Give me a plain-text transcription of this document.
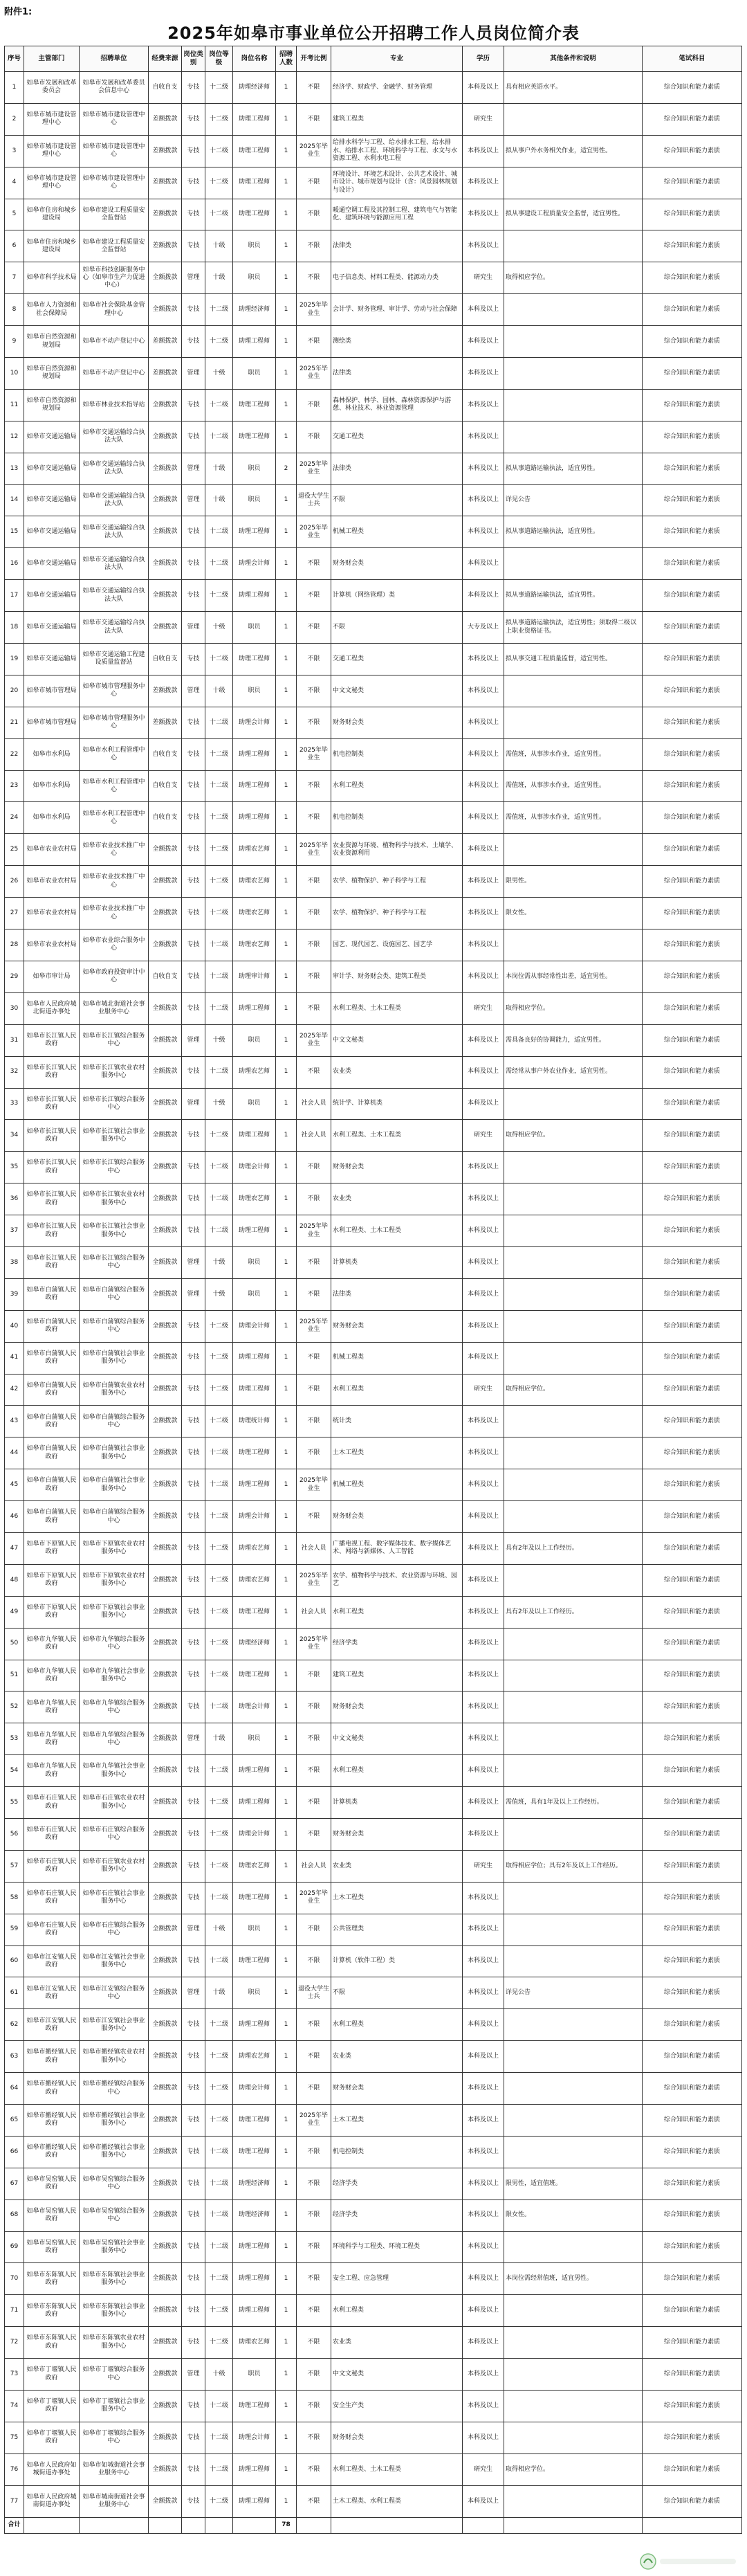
附件1:
2025年如皋市事业单位公开招聘工作人员岗位简介表
序号	主管部门	招聘单位	经费来源	岗位类别	岗位等级	岗位名称	招聘人数	开考比例	专业	学历	其他条件和说明	笔试科目
1	如皋市发展和改革委员会	如皋市发展和改革委员会信息中心	自收自支	专技	十二级	助理经济师	1	不限	经济学、财政学、金融学、财务管理	本科及以上	具有相应英语水平。	综合知识和能力素质
2	如皋市城市建设管理中心	如皋市城市建设管理中心	差额拨款	专技	十二级	助理工程师	1	不限	建筑工程类	研究生		综合知识和能力素质
3	如皋市城市建设管理中心	如皋市城市建设管理中心	差额拨款	专技	十二级	助理工程师	1	2025年毕业生	给排水科学与工程、给水排水工程、给水排水、给排水工程、环境科学与工程、水文与水资源工程、水利水电工程	本科及以上	拟从事户外水务相关作业，适宜男性。	综合知识和能力素质
4	如皋市城市建设管理中心	如皋市城市建设管理中心	差额拨款	专技	十二级	助理工程师	1	不限	环境设计、环境艺术设计、公共艺术设计、城市设计、城市规划与设计（含：风景园林规划与设计）	本科及以上		综合知识和能力素质
5	如皋市住房和城乡建设局	如皋市建设工程质量安全监督站	差额拨款	专技	十二级	助理工程师	1	不限	暖通空调工程及其控制工程、建筑电气与智能化、建筑环境与能源应用工程	本科及以上	拟从事建设工程质量安全监督，适宜男性。	综合知识和能力素质
6	如皋市住房和城乡建设局	如皋市建设工程质量安全监督站	差额拨款	专技	十级	职员	1	不限	法律类	本科及以上		综合知识和能力素质
7	如皋市科学技术局	如皋市科技创新服务中心（如皋市生产力促进中心）	全额拨款	管理	十级	职员	1	不限	电子信息类、材料工程类、能源动力类	研究生	取得相应学位。	综合知识和能力素质
8	如皋市人力资源和社会保障局	如皋市社会保险基金管理中心	全额拨款	专技	十二级	助理经济师	1	2025年毕业生	会计学、财务管理、审计学、劳动与社会保障	本科及以上		综合知识和能力素质
9	如皋市自然资源和规划局	如皋市不动产登记中心	差额拨款	专技	十二级	助理工程师	1	不限	测绘类	本科及以上		综合知识和能力素质
10	如皋市自然资源和规划局	如皋市不动产登记中心	差额拨款	管理	十级	职员	1	2025年毕业生	法律类	本科及以上		综合知识和能力素质
11	如皋市自然资源和规划局	如皋市林业技术指导站	全额拨款	专技	十二级	助理工程师	1	不限	森林保护、林学、园林、森林资源保护与游憩、林业技术、林业资源管理	本科及以上		综合知识和能力素质
12	如皋市交通运输局	如皋市交通运输综合执法大队	全额拨款	专技	十二级	助理工程师	1	不限	交通工程类	本科及以上		综合知识和能力素质
13	如皋市交通运输局	如皋市交通运输综合执法大队	全额拨款	管理	十级	职员	2	2025年毕业生	法律类	本科及以上	拟从事道路运输执法，适宜男性。	综合知识和能力素质
14	如皋市交通运输局	如皋市交通运输综合执法大队	全额拨款	管理	十级	职员	1	退役大学生士兵	不限	本科及以上	详见公告	综合知识和能力素质
15	如皋市交通运输局	如皋市交通运输综合执法大队	全额拨款	专技	十二级	助理工程师	1	2025年毕业生	机械工程类	本科及以上	拟从事道路运输执法，适宜男性。	综合知识和能力素质
16	如皋市交通运输局	如皋市交通运输综合执法大队	全额拨款	专技	十二级	助理会计师	1	不限	财务财会类	本科及以上		综合知识和能力素质
17	如皋市交通运输局	如皋市交通运输综合执法大队	全额拨款	专技	十二级	助理工程师	1	不限	计算机（网络管理）类	本科及以上	拟从事道路运输执法，适宜男性。	综合知识和能力素质
18	如皋市交通运输局	如皋市交通运输综合执法大队	全额拨款	管理	十级	职员	1	不限	不限	大专及以上	拟从事道路运输执法，适宜男性；须取得二级以上职业资格证书。	综合知识和能力素质
19	如皋市交通运输局	如皋市交通运输工程建设质量监督站	自收自支	专技	十二级	助理工程师	1	不限	交通工程类	本科及以上	拟从事交通工程质量监督，适宜男性。	综合知识和能力素质
20	如皋市城市管理局	如皋市城市管理服务中心	差额拨款	管理	十级	职员	1	不限	中文文秘类	本科及以上		综合知识和能力素质
21	如皋市城市管理局	如皋市城市管理服务中心	差额拨款	专技	十二级	助理会计师	1	不限	财务财会类	本科及以上		综合知识和能力素质
22	如皋市水利局	如皋市水利工程管理中心	自收自支	专技	十二级	助理工程师	1	2025年毕业生	机电控制类	本科及以上	需值班，从事涉水作业，适宜男性。	综合知识和能力素质
23	如皋市水利局	如皋市水利工程管理中心	自收自支	专技	十二级	助理工程师	1	不限	水利工程类	本科及以上	需值班，从事涉水作业，适宜男性。	综合知识和能力素质
24	如皋市水利局	如皋市水利工程管理中心	自收自支	专技	十二级	助理工程师	1	不限	机电控制类	本科及以上	需值班，从事涉水作业，适宜男性。	综合知识和能力素质
25	如皋市农业农村局	如皋市农业技术推广中心	全额拨款	专技	十二级	助理农艺师	1	2025年毕业生	农业资源与环境、植物科学与技术、土壤学、农业资源利用	本科及以上		综合知识和能力素质
26	如皋市农业农村局	如皋市农业技术推广中心	全额拨款	专技	十二级	助理农艺师	1	不限	农学、植物保护、种子科学与工程	本科及以上	限男性。	综合知识和能力素质
27	如皋市农业农村局	如皋市农业技术推广中心	全额拨款	专技	十二级	助理农艺师	1	不限	农学、植物保护、种子科学与工程	本科及以上	限女性。	综合知识和能力素质
28	如皋市农业农村局	如皋市农业综合服务中心	全额拨款	专技	十二级	助理农艺师	1	不限	园艺、现代园艺、设施园艺、园艺学	本科及以上		综合知识和能力素质
29	如皋市审计局	如皋市政府投资审计中心	自收自支	专技	十二级	助理审计师	1	不限	审计学、财务财会类、建筑工程类	本科及以上	本岗位需从事经常性出差，适宜男性。	综合知识和能力素质
30	如皋市人民政府城北街道办事处	如皋市城北街道社会事业服务中心	全额拨款	专技	十二级	助理工程师	1	不限	水利工程类、土木工程类	研究生	取得相应学位。	综合知识和能力素质
31	如皋市长江镇人民政府	如皋市长江镇综合服务中心	全额拨款	管理	十级	职员	1	2025年毕业生	中文文秘类	本科及以上	需具备良好的协调能力，适宜男性。	综合知识和能力素质
32	如皋市长江镇人民政府	如皋市长江镇农业农村服务中心	全额拨款	专技	十二级	助理农艺师	1	不限	农业类	本科及以上	需经常从事户外农业作业，适宜男性。	综合知识和能力素质
33	如皋市长江镇人民政府	如皋市长江镇综合服务中心	全额拨款	管理	十级	职员	1	社会人员	统计学、计算机类	本科及以上		综合知识和能力素质
34	如皋市长江镇人民政府	如皋市长江镇社会事业服务中心	全额拨款	专技	十二级	助理工程师	1	社会人员	水利工程类、土木工程类	研究生	取得相应学位。	综合知识和能力素质
35	如皋市长江镇人民政府	如皋市长江镇综合服务中心	全额拨款	专技	十二级	助理会计师	1	不限	财务财会类	本科及以上		综合知识和能力素质
36	如皋市长江镇人民政府	如皋市长江镇农业农村服务中心	全额拨款	专技	十二级	助理农艺师	1	不限	农业类	本科及以上		综合知识和能力素质
37	如皋市长江镇人民政府	如皋市长江镇社会事业服务中心	全额拨款	专技	十二级	助理工程师	1	2025年毕业生	水利工程类、土木工程类	本科及以上		综合知识和能力素质
38	如皋市长江镇人民政府	如皋市长江镇综合服务中心	全额拨款	管理	十级	职员	1	不限	计算机类	本科及以上		综合知识和能力素质
39	如皋市白蒲镇人民政府	如皋市白蒲镇综合服务中心	全额拨款	管理	十级	职员	1	不限	法律类	本科及以上		综合知识和能力素质
40	如皋市白蒲镇人民政府	如皋市白蒲镇综合服务中心	全额拨款	专技	十二级	助理会计师	1	2025年毕业生	财务财会类	本科及以上		综合知识和能力素质
41	如皋市白蒲镇人民政府	如皋市白蒲镇社会事业服务中心	全额拨款	专技	十二级	助理工程师	1	不限	机械工程类	本科及以上		综合知识和能力素质
42	如皋市白蒲镇人民政府	如皋市白蒲镇农业农村服务中心	全额拨款	专技	十二级	助理工程师	1	不限	水利工程类	研究生	取得相应学位。	综合知识和能力素质
43	如皋市白蒲镇人民政府	如皋市白蒲镇综合服务中心	全额拨款	专技	十二级	助理统计师	1	不限	统计类	本科及以上		综合知识和能力素质
44	如皋市白蒲镇人民政府	如皋市白蒲镇社会事业服务中心	全额拨款	专技	十二级	助理工程师	1	不限	土木工程类	本科及以上		综合知识和能力素质
45	如皋市白蒲镇人民政府	如皋市白蒲镇社会事业服务中心	全额拨款	专技	十二级	助理工程师	1	2025年毕业生	机械工程类	本科及以上		综合知识和能力素质
46	如皋市白蒲镇人民政府	如皋市白蒲镇综合服务中心	全额拨款	专技	十二级	助理会计师	1	不限	财务财会类	本科及以上		综合知识和能力素质
47	如皋市下原镇人民政府	如皋市下原镇农业农村服务中心	全额拨款	专技	十二级	助理农艺师	1	社会人员	广播电视工程、数字媒体技术、数字媒体艺术、网络与新媒体、人工智能	本科及以上	具有2年及以上工作经历。	综合知识和能力素质
48	如皋市下原镇人民政府	如皋市下原镇农业农村服务中心	全额拨款	专技	十二级	助理农艺师	1	2025年毕业生	农学、植物科学与技术、农业资源与环境、园艺	本科及以上		综合知识和能力素质
49	如皋市下原镇人民政府	如皋市下原镇社会事业服务中心	全额拨款	专技	十二级	助理工程师	1	社会人员	水利工程类	本科及以上	具有2年及以上工作经历。	综合知识和能力素质
50	如皋市九华镇人民政府	如皋市九华镇综合服务中心	全额拨款	专技	十二级	助理经济师	1	2025年毕业生	经济学类	本科及以上		综合知识和能力素质
51	如皋市九华镇人民政府	如皋市九华镇社会事业服务中心	全额拨款	专技	十二级	助理工程师	1	不限	建筑工程类	本科及以上		综合知识和能力素质
52	如皋市九华镇人民政府	如皋市九华镇综合服务中心	全额拨款	专技	十二级	助理会计师	1	不限	财务财会类	本科及以上		综合知识和能力素质
53	如皋市九华镇人民政府	如皋市九华镇综合服务中心	全额拨款	管理	十级	职员	1	不限	中文文秘类	本科及以上		综合知识和能力素质
54	如皋市九华镇人民政府	如皋市九华镇社会事业服务中心	全额拨款	专技	十二级	助理工程师	1	不限	水利工程类	本科及以上		综合知识和能力素质
55	如皋市石庄镇人民政府	如皋市石庄镇农业农村服务中心	全额拨款	专技	十二级	助理工程师	1	不限	计算机类	本科及以上	需值班，具有1年及以上工作经历。	综合知识和能力素质
56	如皋市石庄镇人民政府	如皋市石庄镇综合服务中心	全额拨款	专技	十二级	助理会计师	1	不限	财务财会类	本科及以上		综合知识和能力素质
57	如皋市石庄镇人民政府	如皋市石庄镇农业农村服务中心	全额拨款	专技	十二级	助理农艺师	1	社会人员	农业类	研究生	取得相应学位；具有2年及以上工作经历。	综合知识和能力素质
58	如皋市石庄镇人民政府	如皋市石庄镇社会事业服务中心	全额拨款	专技	十二级	助理工程师	1	2025年毕业生	土木工程类	本科及以上		综合知识和能力素质
59	如皋市石庄镇人民政府	如皋市石庄镇综合服务中心	全额拨款	管理	十级	职员	1	不限	公共管理类	本科及以上		综合知识和能力素质
60	如皋市江安镇人民政府	如皋市江安镇社会事业服务中心	全额拨款	专技	十二级	助理工程师	1	不限	计算机（软件工程）类	本科及以上		综合知识和能力素质
61	如皋市江安镇人民政府	如皋市江安镇综合服务中心	全额拨款	管理	十级	职员	1	退役大学生士兵	不限	本科及以上	详见公告	综合知识和能力素质
62	如皋市江安镇人民政府	如皋市江安镇社会事业服务中心	全额拨款	专技	十二级	助理工程师	1	不限	水利工程类	本科及以上		综合知识和能力素质
63	如皋市搬经镇人民政府	如皋市搬经镇农业农村服务中心	全额拨款	专技	十二级	助理农艺师	1	不限	农业类	本科及以上		综合知识和能力素质
64	如皋市搬经镇人民政府	如皋市搬经镇综合服务中心	全额拨款	专技	十二级	助理会计师	1	不限	财务财会类	本科及以上		综合知识和能力素质
65	如皋市搬经镇人民政府	如皋市搬经镇社会事业服务中心	全额拨款	专技	十二级	助理工程师	1	2025年毕业生	土木工程类	本科及以上		综合知识和能力素质
66	如皋市搬经镇人民政府	如皋市搬经镇社会事业服务中心	全额拨款	专技	十二级	助理工程师	1	不限	机电控制类	本科及以上		综合知识和能力素质
67	如皋市吴窑镇人民政府	如皋市吴窑镇综合服务中心	全额拨款	专技	十二级	助理经济师	1	不限	经济学类	本科及以上	限男性，适宜值班。	综合知识和能力素质
68	如皋市吴窑镇人民政府	如皋市吴窑镇综合服务中心	全额拨款	专技	十二级	助理经济师	1	不限	经济学类	本科及以上	限女性。	综合知识和能力素质
69	如皋市吴窑镇人民政府	如皋市吴窑镇社会事业服务中心	全额拨款	专技	十二级	助理工程师	1	不限	环境科学与工程类、环境工程类	本科及以上		综合知识和能力素质
70	如皋市东陈镇人民政府	如皋市东陈镇社会事业服务中心	全额拨款	专技	十二级	助理工程师	1	不限	安全工程、应急管理	本科及以上	本岗位需经常值班，适宜男性。	综合知识和能力素质
71	如皋市东陈镇人民政府	如皋市东陈镇社会事业服务中心	全额拨款	专技	十二级	助理工程师	1	不限	水利工程类	本科及以上		综合知识和能力素质
72	如皋市东陈镇人民政府	如皋市东陈镇农业农村服务中心	全额拨款	专技	十二级	助理农艺师	1	不限	农业类	本科及以上		综合知识和能力素质
73	如皋市丁堰镇人民政府	如皋市丁堰镇综合服务中心	全额拨款	管理	十级	职员	1	不限	中文文秘类	本科及以上		综合知识和能力素质
74	如皋市丁堰镇人民政府	如皋市丁堰镇社会事业服务中心	全额拨款	专技	十二级	助理工程师	1	不限	安全生产类	本科及以上		综合知识和能力素质
75	如皋市丁堰镇人民政府	如皋市丁堰镇综合服务中心	全额拨款	专技	十二级	助理会计师	1	不限	财务财会类	本科及以上		综合知识和能力素质
76	如皋市人民政府如城街道办事处	如皋市如城街道社会事业服务中心	全额拨款	专技	十二级	助理工程师	1	不限	水利工程类、土木工程类	研究生	取得相应学位。	综合知识和能力素质
77	如皋市人民政府城南街道办事处	如皋市城南街道社会事业服务中心	全额拨款	专技	十二级	助理工程师	1	不限	土木工程类、水利工程类	本科及以上		综合知识和能力素质
合计							78					
